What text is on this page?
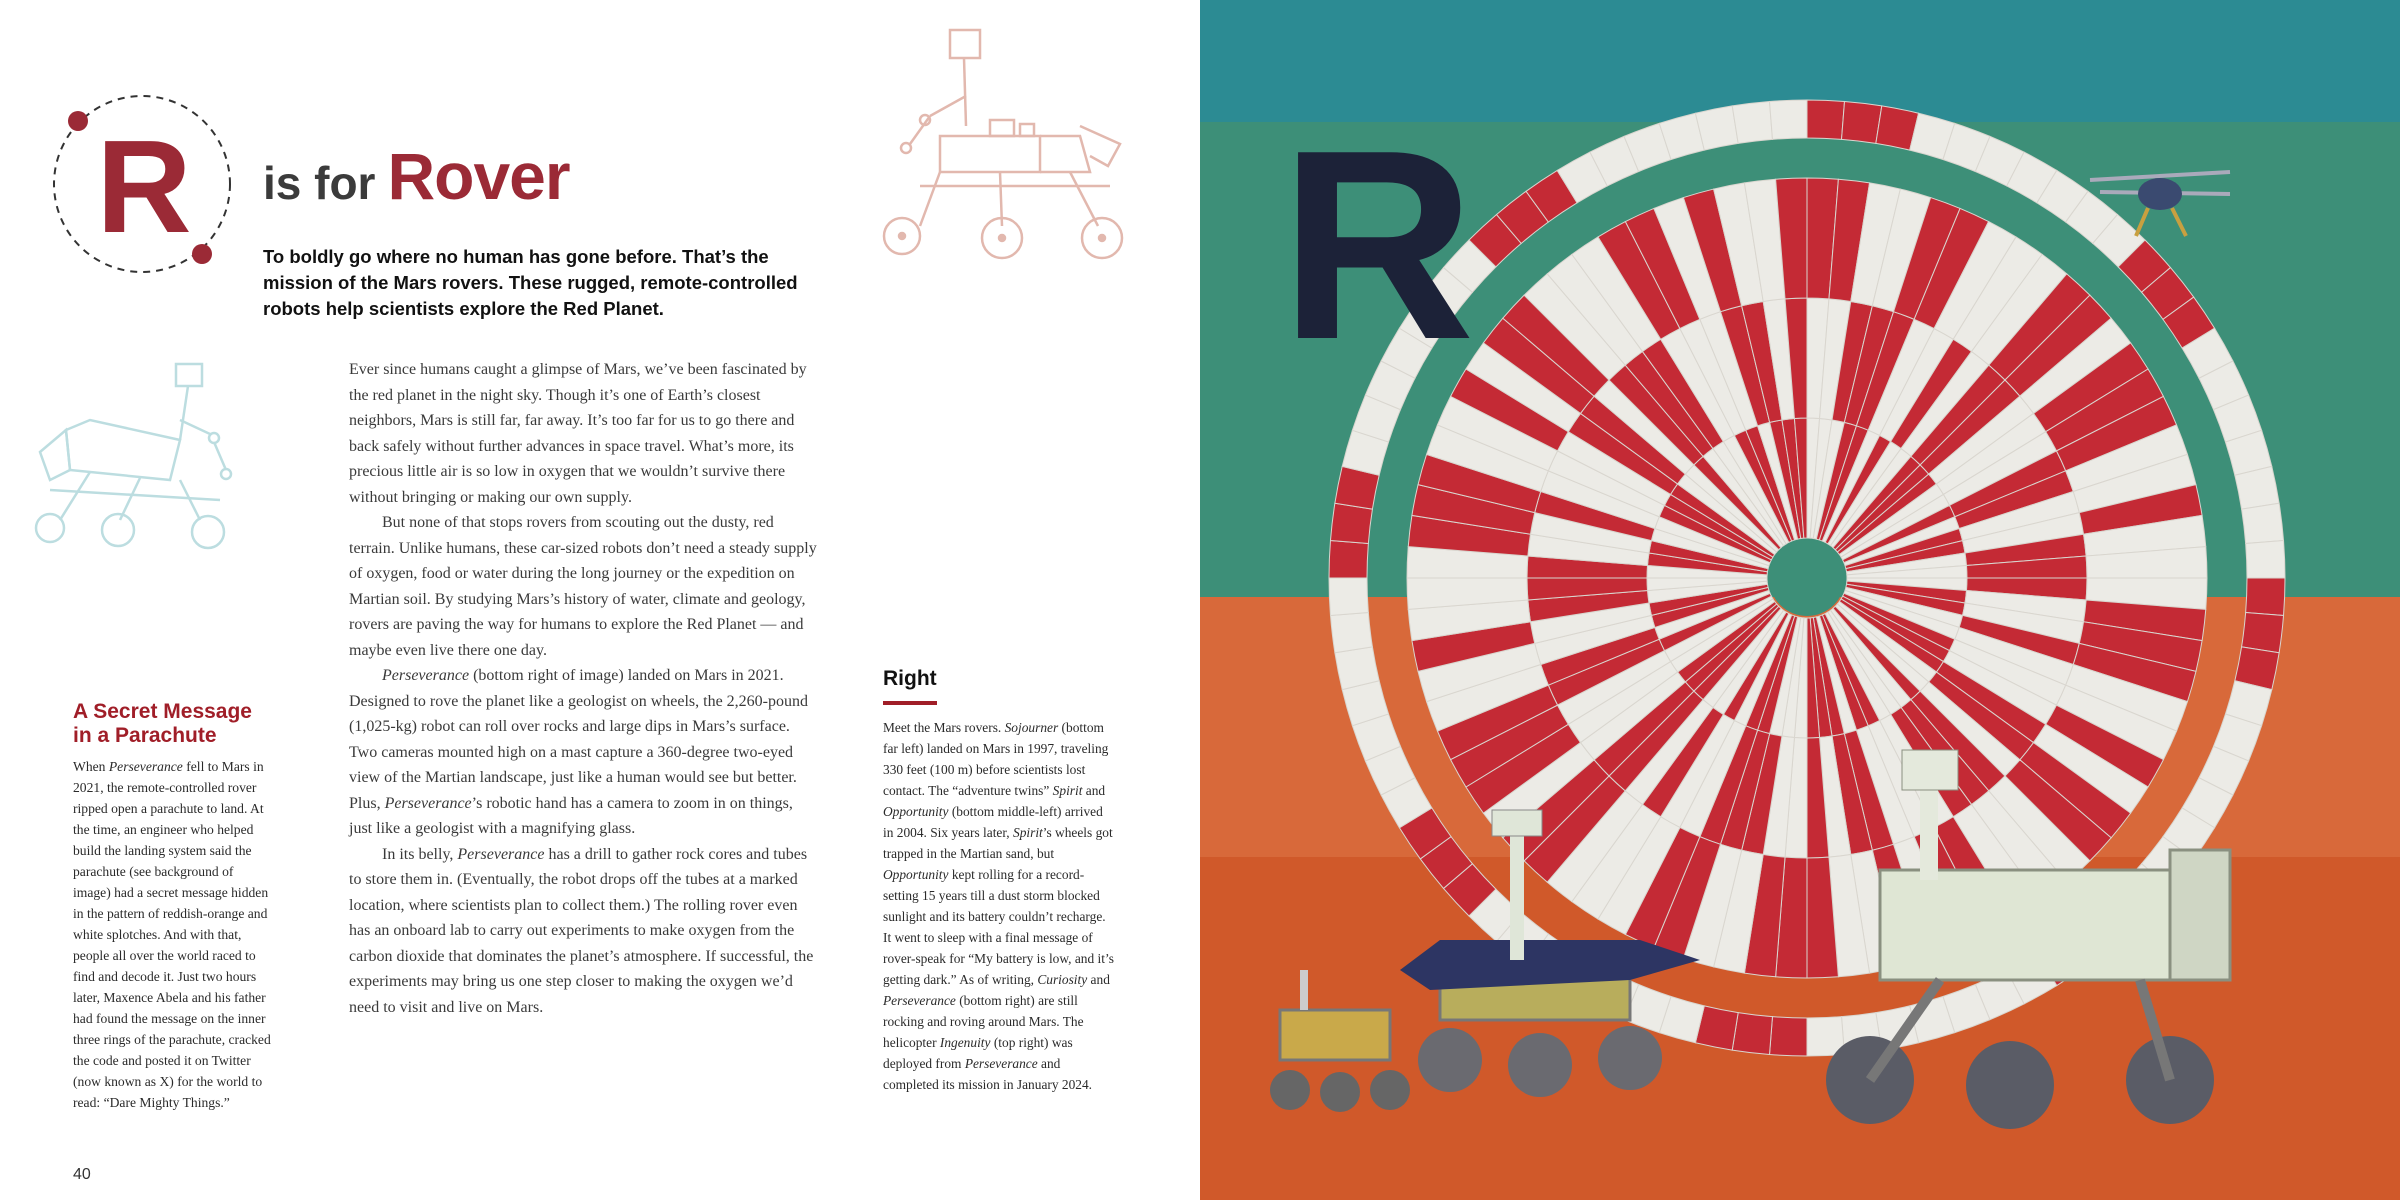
R is for Rover

To boldly go where no human has gone before. That’s the mission of the Mars rovers. These rugged, remote-controlled robots help scientists explore the Red Planet.

Ever since humans caught a glimpse of Mars, we’ve been fascinated by the red planet in the night sky. Though it’s one of Earth’s closest neighbors, Mars is still far, far away. It’s too far for us to go there and back safely without further advances in space travel. What’s more, its precious little air is so low in oxygen that we wouldn’t survive there without bringing or making our own supply.

But none of that stops rovers from scouting out the dusty, red terrain. Unlike humans, these car-sized robots don’t need a steady supply of oxygen, food or water during the long journey or the expedition on Martian soil. By studying Mars’s history of water, climate and geology, rovers are paving the way for humans to explore the Red Planet — and maybe even live there one day.

Perseverance (bottom right of image) landed on Mars in 2021. Designed to rove the planet like a geologist on wheels, the 2,260-pound (1,025-kg) robot can roll over rocks and large dips in Mars’s surface. Two cameras mounted high on a mast capture a 360-degree two-eyed view of the Martian landscape, just like a human would see but better. Plus, Perseverance’s robotic hand has a camera to zoom in on things, just like a geologist with a magnifying glass.

In its belly, Perseverance has a drill to gather rock cores and tubes to store them in. (Eventually, the robot drops off the tubes at a marked location, where scientists plan to collect them.) The rolling rover even has an onboard lab to carry out experiments to make oxygen from the carbon dioxide that dominates the planet’s atmosphere. If successful, the experiments may bring us one step closer to making the oxygen we’d need to visit and live on Mars.

A Secret Message in a Parachute

When Perseverance fell to Mars in 2021, the remote-controlled rover ripped open a parachute to land. At the time, an engineer who helped build the landing system said the parachute (see background of image) had a secret message hidden in the pattern of reddish-orange and white splotches. And with that, people all over the world raced to find and decode it. Just two hours later, Maxence Abela and his father had found the message on the inner three rings of the parachute, cracked the code and posted it on Twitter (now known as X) for the world to read: “Dare Mighty Things.”

Right

Meet the Mars rovers. Sojourner (bottom far left) landed on Mars in 1997, traveling 330 feet (100 m) before scientists lost contact. The “adventure twins” Spirit and Opportunity (bottom middle-left) arrived in 2004. Six years later, Spirit’s wheels got trapped in the Martian sand, but Opportunity kept rolling for a record-setting 15 years till a dust storm blocked sunlight and its battery couldn’t recharge. It went to sleep with a final message of rover-speak for “My battery is low, and it’s getting dark.” As of writing, Curiosity and Perseverance (bottom right) are still rocking and roving around Mars. The helicopter Ingenuity (top right) was deployed from Perseverance and completed its mission in January 2024.

40
R
